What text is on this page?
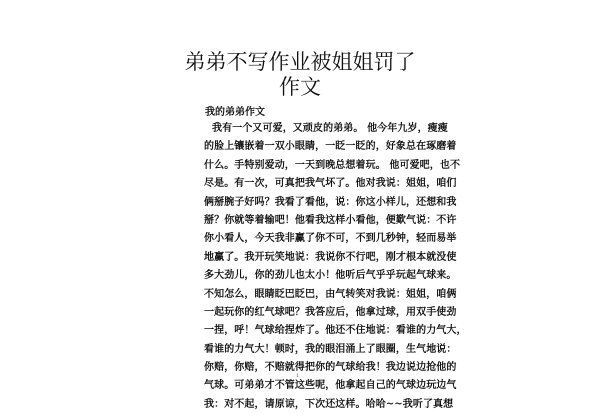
弟弟不写作业被姐姐罚了
作文

我的弟弟作文

我有一个又可爱，又顽皮的弟弟。 他今年九岁，瘦瘦
的脸上镶嵌着一双小眼睛，一眨一眨的，好象总在琢磨着
什么。手特别爱动，一天到晚总想着玩。 他可爱吧，也不
尽是。有一次，可真把我气坏了。他对我说：姐姐，咱们
俩掰腕子好吗？我看了看他，说：你这小样儿，还想和我
掰？你就等着输吧！他看我这样小看他，便歎气说：不许
你小看人，今天我非赢了你不可，不到几秒钟，轻而易举
地赢了。我开玩笑地说：我说你不行吧，刚才根本就没使
多大劲儿，你的劲儿也太小！他听后气乎乎玩起气球来。
不知怎么，眼睛眨巴眨巴，由气转笑对我说：姐姐，咱俩
一起玩你的红气球吧？我答应后，他拿过球，用双手使劲
一捏，呼！气球给捏炸了。他还不住地说：看谁的力气大，
看谁的力气大！顿时，我的眼泪涌上了眼圈，生气地说：
你赔，你赔，不赔就得把你的气球给我！我边说边抢他的
气球。可弟弟才不管这些呢，他拿起自己的气球边玩边气
我：对不起，请原谅，下次还这样。哈哈~~我听了真想
1
